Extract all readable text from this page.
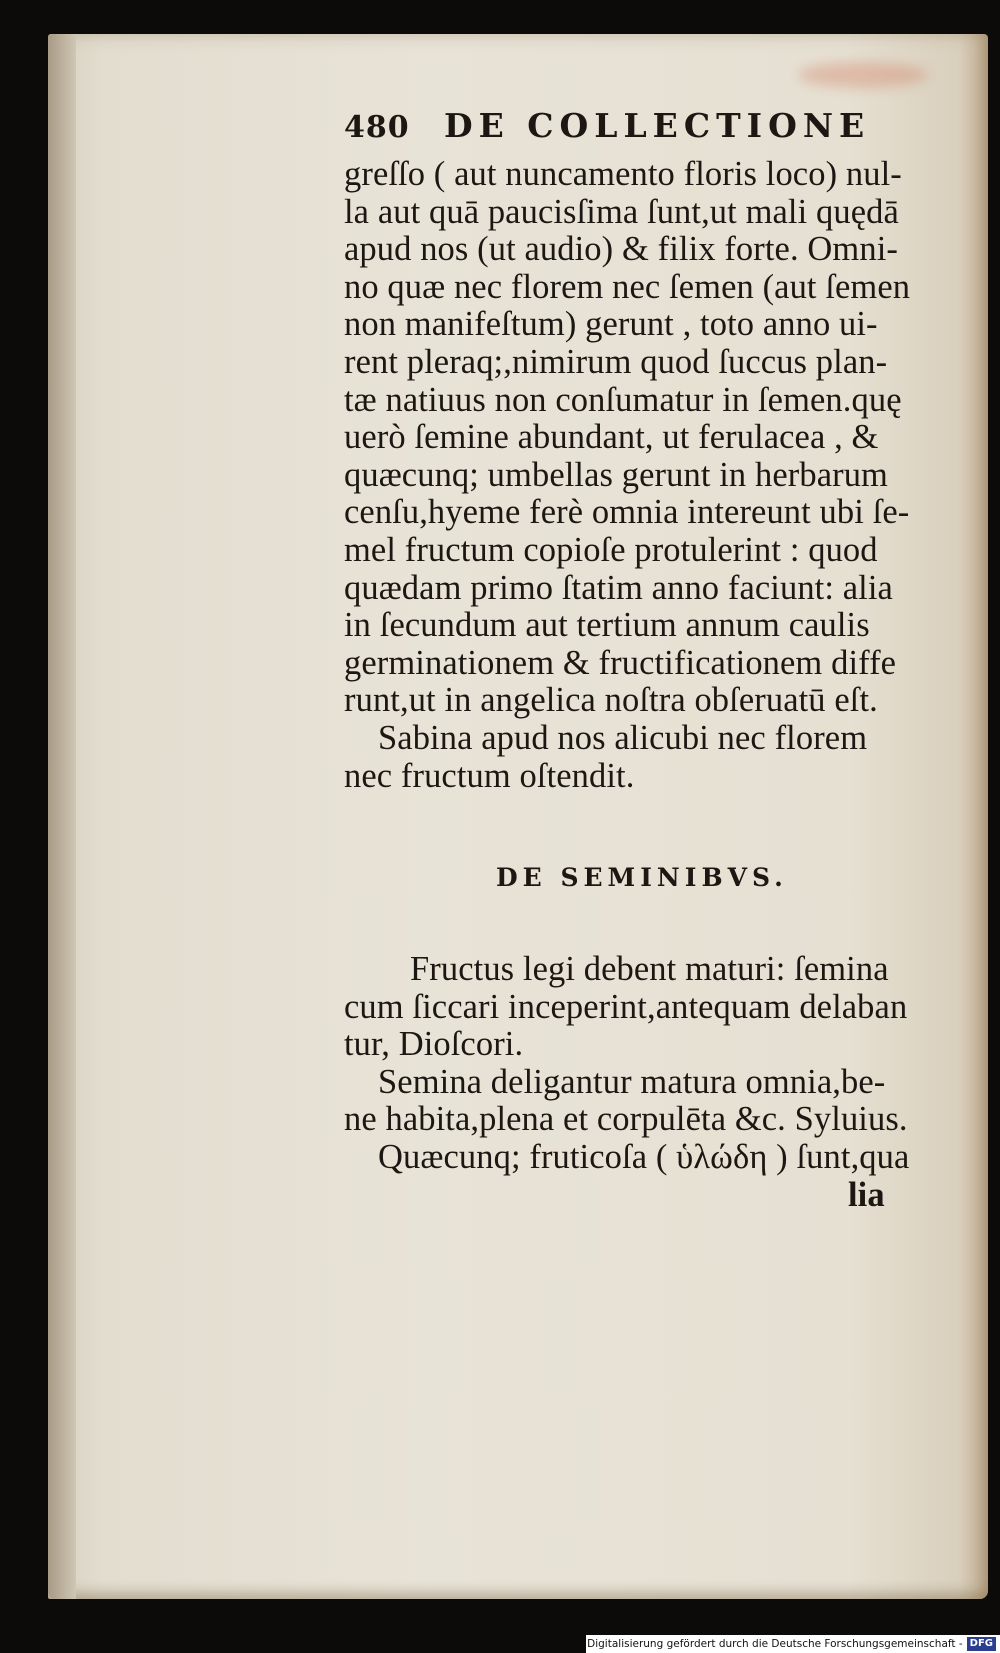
480	DE COLLECTIONE
greſſo ( aut nuncamento floris loco) nul-
la aut quā paucisſima ſunt,ut mali quędā
apud nos (ut audio) & filix forte. Omni-
no quæ nec florem nec ſemen (aut ſemen
non manifeſtum) gerunt , toto anno ui-
rent pleraq;,nimirum quod ſuccus plan-
tæ natiuus non conſumatur in ſemen.quę
uerò ſemine abundant, ut ferulacea , &
quæcunq; umbellas gerunt in herbarum
cenſu,hyeme ferè omnia intereunt ubi ſe-
mel fructum copioſe protulerint : quod
quædam primo ſtatim anno faciunt: alia
in ſecundum aut tertium annum caulis
germinationem & fructificationem diffe
runt,ut in angelica noſtra obſeruatū eſt.
Sabina apud nos alicubi nec florem
nec fructum oſtendit.
DE SEMINIBVS.
Fructus legi debent maturi: ſemina
cum ſiccari inceperint,antequam delaban
tur, Dioſcori.
Semina deligantur matura omnia,be-
ne habita,plena et corpulēta &c. Syluius.
Quæcunq; fruticoſa ( ὑλώδη ) ſunt,qua
lia
Digitalisierung gefördert durch die Deutsche Forschungsgemeinschaft - DFG
